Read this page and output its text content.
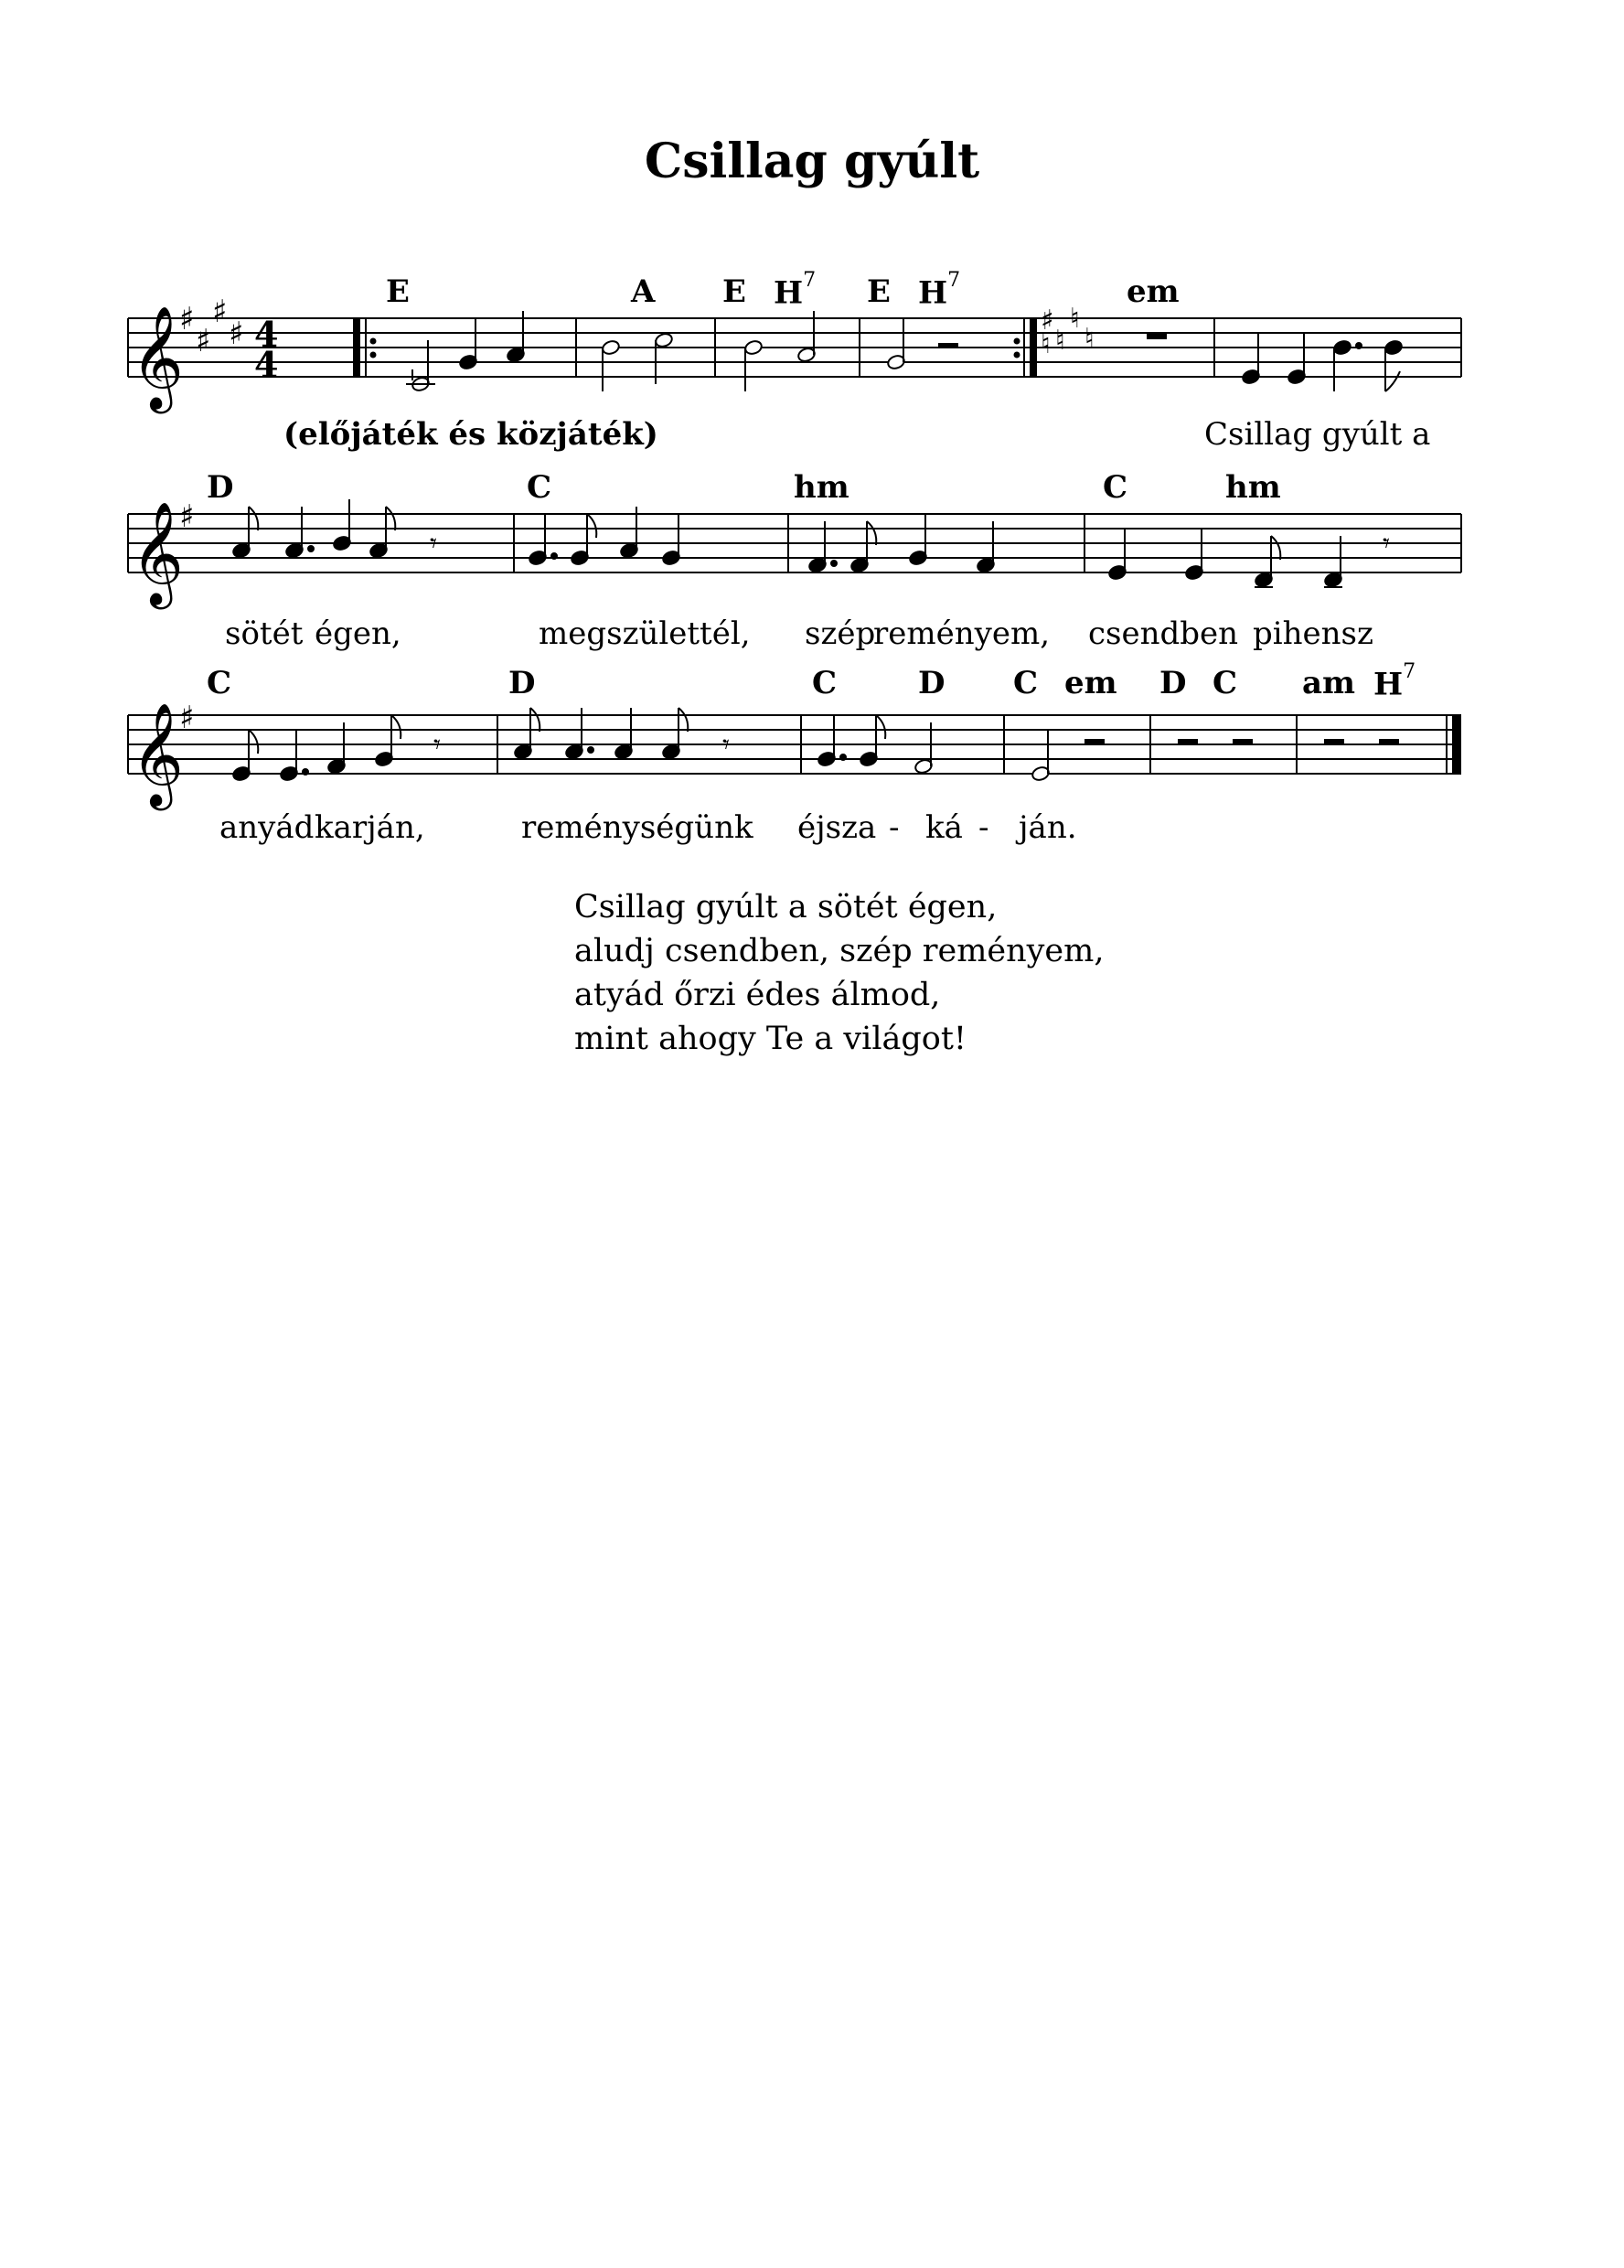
Csillag gyúlt
𝄞
♯
♯
♯
♯ 4
4
♯
♮ ♮
♮
♮
𝄞
♯
𝄾	𝄾
𝄞
♯
𝄾	𝄾
E	A E $H^7$ E $H^7$	em
(előjáték és közjáték)	Csillag gyúlt a
D	C	hm	C	hm
sötét égen,	megszülettél, szép
reményem, csendben pihensz
C	D	C	D C em D C am $H^7$
anyád karján,	reménységünk éjsza - ká - ján.
Csillag gyúlt a sötét égen,
aludj csendben, szép reményem,
atyád őrzi édes álmod,
mint ahogy Te a világot!
